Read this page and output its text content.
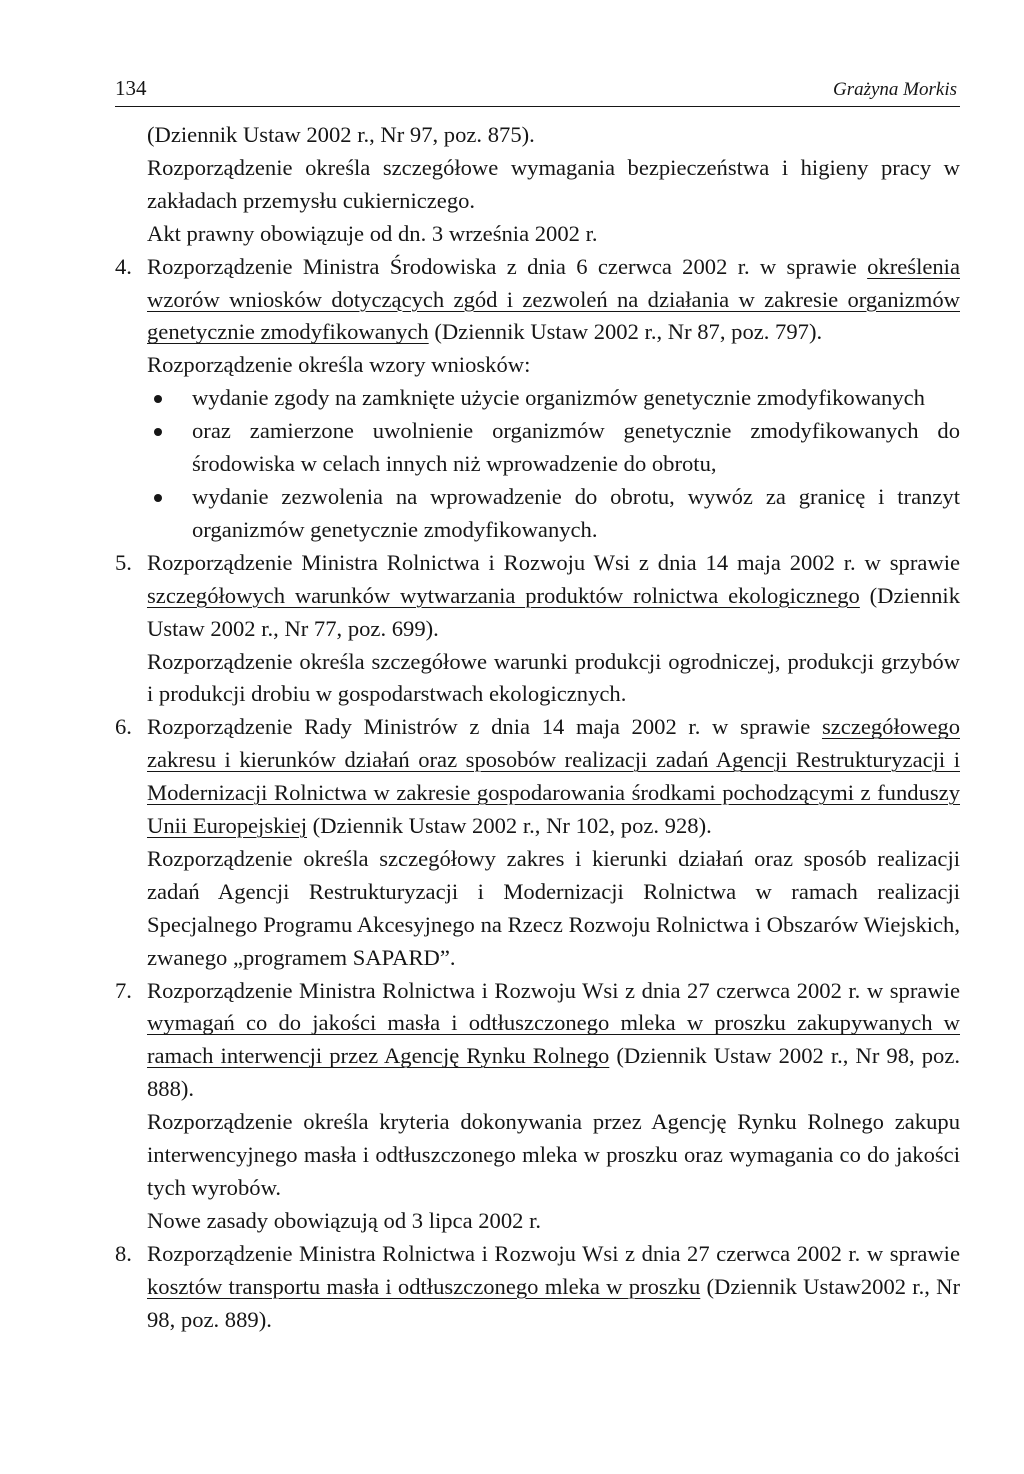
134	Grażyna Morkis

(Dziennik Ustaw 2002 r., Nr 97, poz. 875).

Rozporządzenie określa szczegółowe wymagania bezpieczeństwa i higieny pracy w zakładach przemysłu cukierniczego.

Akt prawny obowiązuje od dn. 3 września 2002 r.

4. Rozporządzenie Ministra Środowiska z dnia 6 czerwca 2002 r. w sprawie określenia wzorów wniosków dotyczących zgód i zezwoleń na działania w zakresie organizmów genetycznie zmodyfikowanych (Dziennik Ustaw 2002 r., Nr 87, poz. 797).

Rozporządzenie określa wzory wniosków:

wydanie zgody na zamknięte użycie organizmów genetycznie zmodyfikowanych
oraz zamierzone uwolnienie organizmów genetycznie zmodyfikowanych do środowiska w celach innych niż wprowadzenie do obrotu,
wydanie zezwolenia na wprowadzenie do obrotu, wywóz za granicę i tranzyt organizmów genetycznie zmodyfikowanych.
5. Rozporządzenie Ministra Rolnictwa i Rozwoju Wsi z dnia 14 maja 2002 r. w sprawie szczegółowych warunków wytwarzania produktów rolnictwa ekologicznego (Dziennik Ustaw 2002 r., Nr 77, poz. 699).

Rozporządzenie określa szczegółowe warunki produkcji ogrodniczej, produkcji grzybów i produkcji drobiu w gospodarstwach ekologicznych.

6. Rozporządzenie Rady Ministrów z dnia 14 maja 2002 r. w sprawie szczegółowego zakresu i kierunków działań oraz sposobów realizacji zadań Agencji Restrukturyzacji i Modernizacji Rolnictwa w zakresie gospodarowania środkami pochodzącymi z funduszy Unii Europejskiej (Dziennik Ustaw 2002 r., Nr 102, poz. 928).

Rozporządzenie określa szczegółowy zakres i kierunki działań oraz sposób realizacji zadań Agencji Restrukturyzacji i Modernizacji Rolnictwa w ramach realizacji Specjalnego Programu Akcesyjnego na Rzecz Rozwoju Rolnictwa i Obszarów Wiejskich, zwanego „programem SAPARD”.

7. Rozporządzenie Ministra Rolnictwa i Rozwoju Wsi z dnia 27 czerwca 2002 r. w sprawie wymagań co do jakości masła i odtłuszczonego mleka w proszku zakupywanych w ramach interwencji przez Agencję Rynku Rolnego (Dziennik Ustaw 2002 r., Nr 98, poz. 888).

Rozporządzenie określa kryteria dokonywania przez Agencję Rynku Rolnego zakupu interwencyjnego masła i odtłuszczonego mleka w proszku oraz wymagania co do jakości tych wyrobów.

Nowe zasady obowiązują od 3 lipca 2002 r.

8. Rozporządzenie Ministra Rolnictwa i Rozwoju Wsi z dnia 27 czerwca 2002 r. w sprawie kosztów transportu masła i odtłuszczonego mleka w proszku (Dziennik Ustaw2002 r., Nr 98, poz. 889).
